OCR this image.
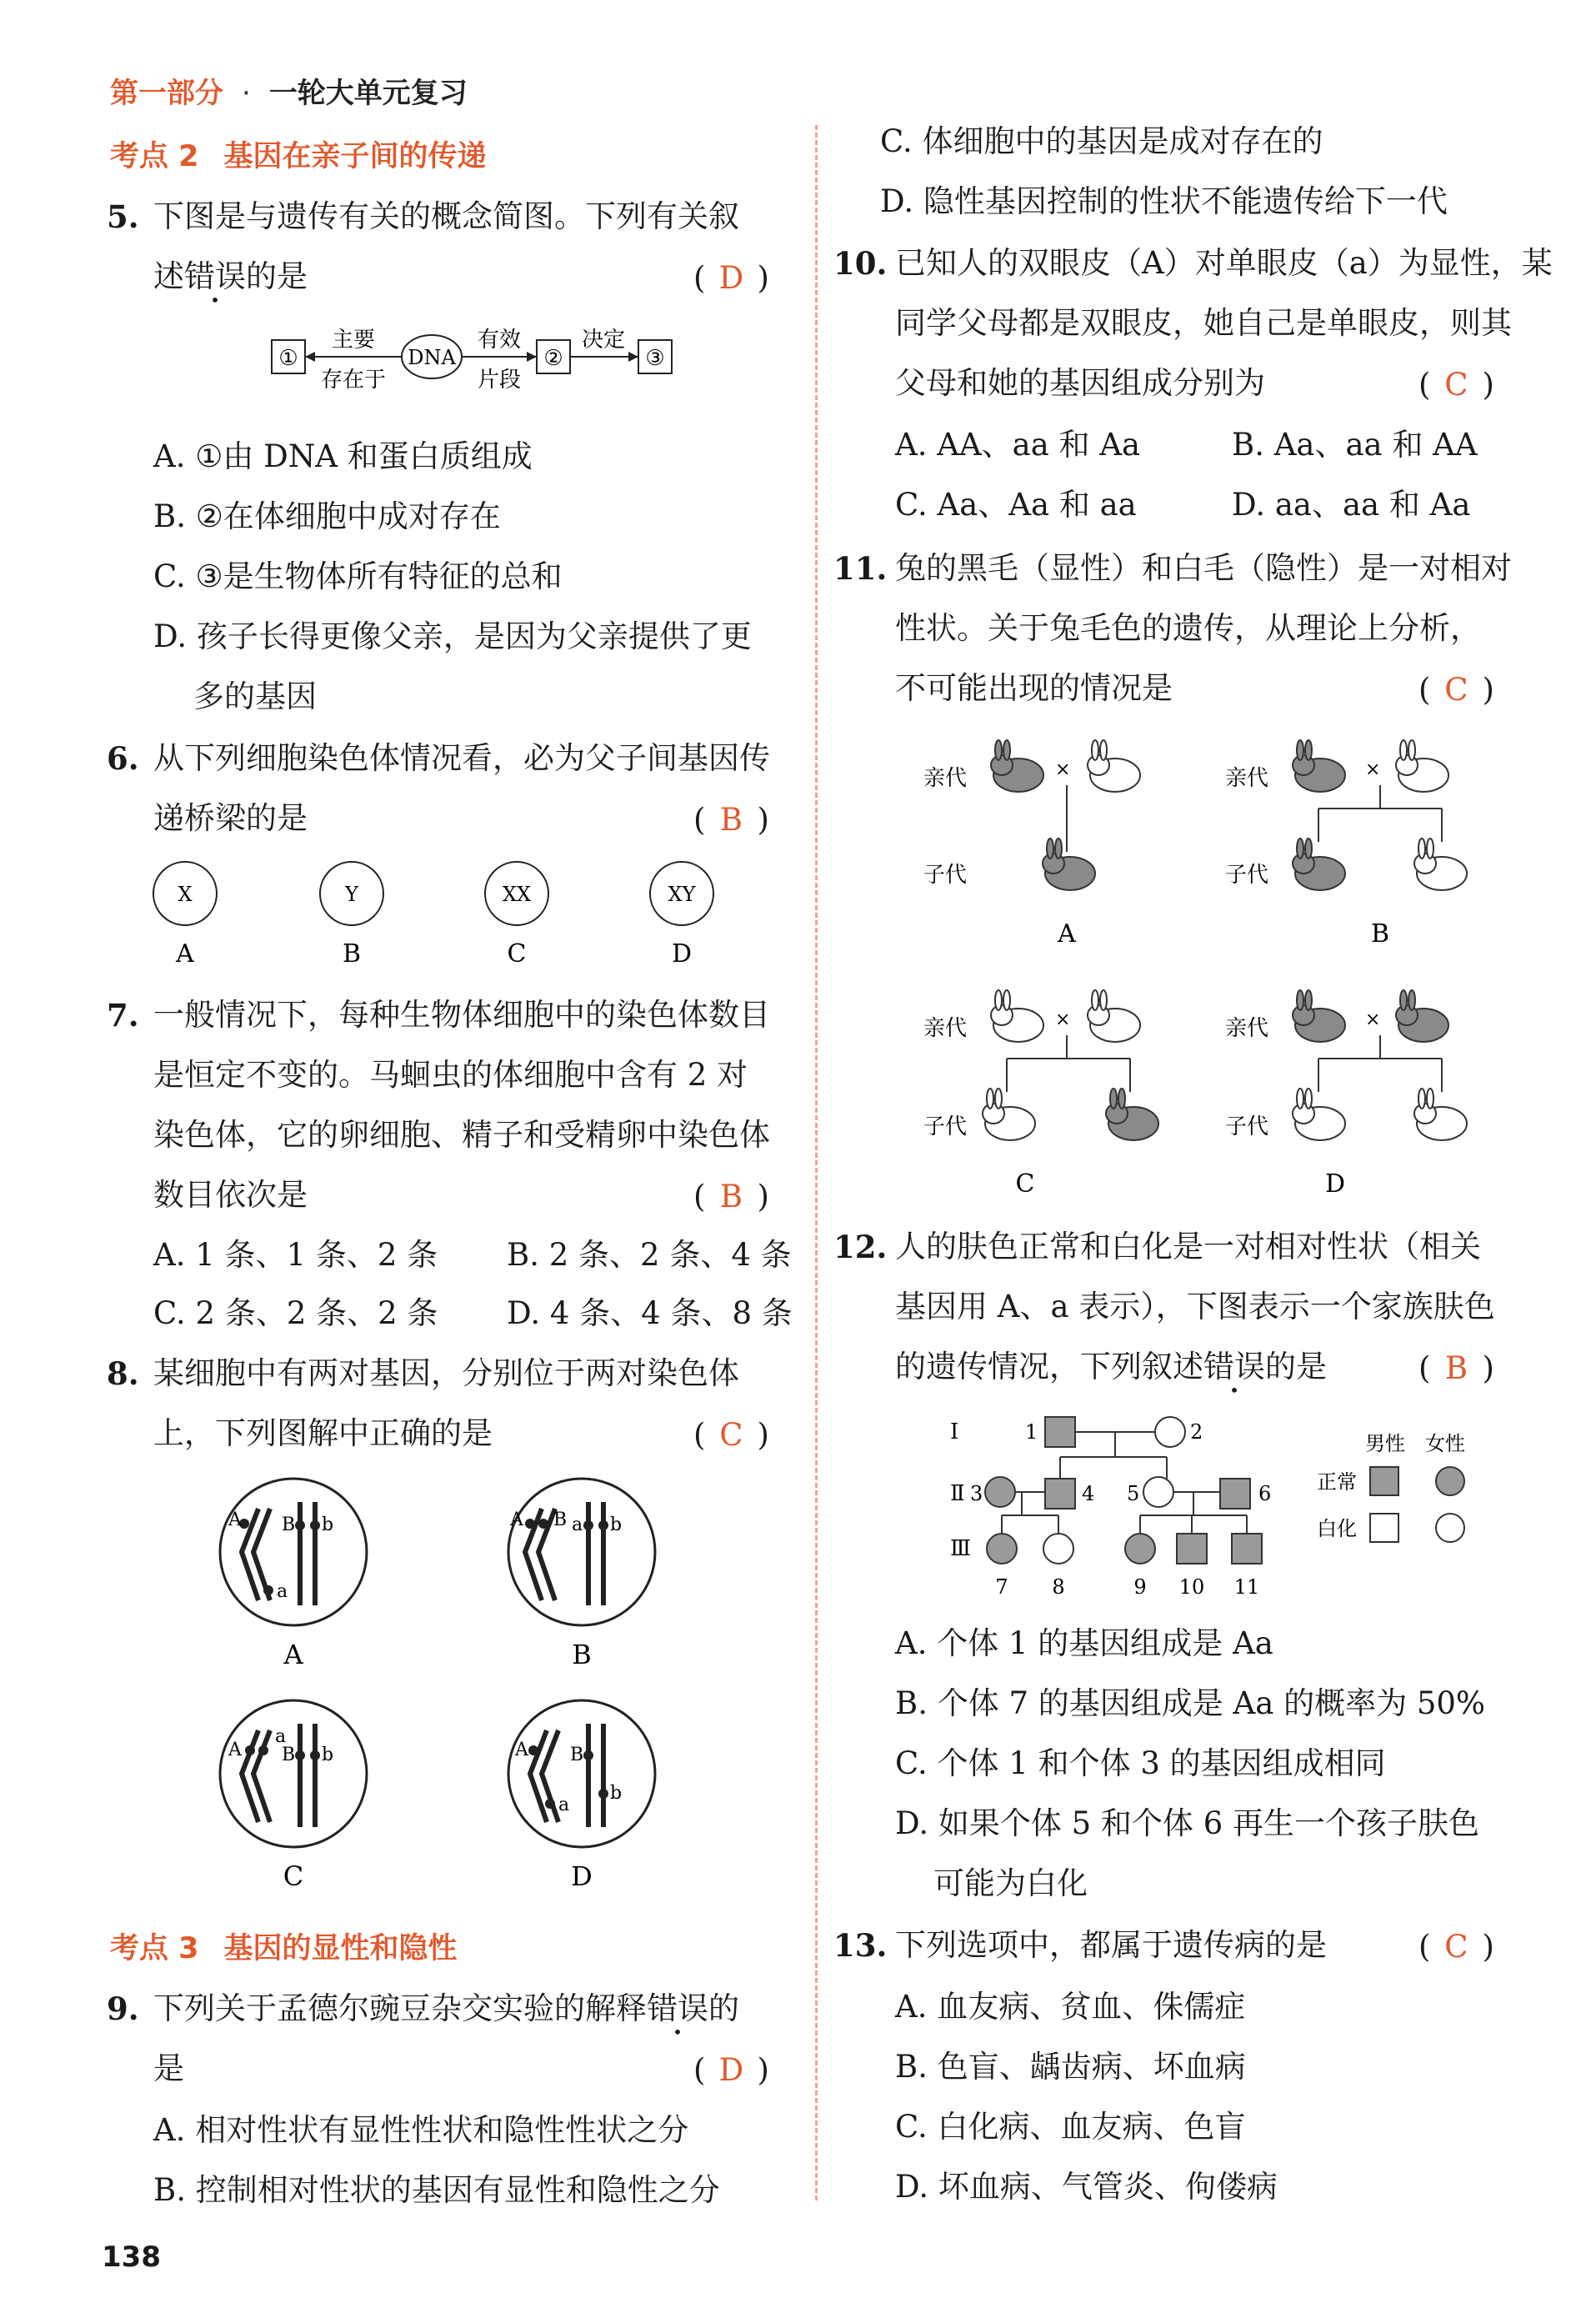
第一部分 · 一轮大单元复习
考点 2 基因在亲子间的传递
5. 下图是与遗传有关的概念简图。下列有关叙
述错误的是	( D )
①
主要
存在于
DNA
有效
片段
②
决定
③
A. ①由 DNA 和蛋白质组成
B. ②在体细胞中成对存在
C. ③是生物体所有特征的总和
D. 孩子长得更像父亲，是因为父亲提供了更
多的基因
6. 从下列细胞染色体情况看，必为父子间基因传
递桥梁的是	( B )
X
A
Y
B
XX
C
XY
D
7. 一般情况下，每种生物体细胞中的染色体数目
是恒定不变的。马蛔虫的体细胞中含有 2 对
染色体，它的卵细胞、精子和受精卵中染色体
数目依次是	( B )
A. 1 条、1 条、2 条 B. 2 条、2 条、4 条
C. 2 条、2 条、2 条 D. 4 条、4 条、8 条
8. 某细胞中有两对基因，分别位于两对染色体
上，下列图解中正确的是	( C )
A
a
B b
A
A B a b
B
A
a
B b
C
A
a
B
b
D
考点 3 基因的显性和隐性
9. 下列关于孟德尔豌豆杂交实验的解释错误的
是	( D )
A. 相对性状有显性性状和隐性性状之分
B. 控制相对性状的基因有显性和隐性之分
138
C. 体细胞中的基因是成对存在的
D. 隐性基因控制的性状不能遗传给下一代
10. 已知人的双眼皮（A）对单眼皮（a）为显性，某
同学父母都是双眼皮，她自己是单眼皮，则其
父母和她的基因组成分别为	( C )
A. AA、aa 和 Aa	B. Aa、aa 和 AA
C. Aa、Aa 和 aa	D. aa、aa 和 Aa
11. 兔的黑毛（显性）和白毛（隐性）是一对相对
性状。关于兔毛色的遗传，从理论上分析，
不可能出现的情况是	( C )
亲代	×
子代
A
亲代	×
子代
B
亲代	×
子代
C
亲代	×
子代
D
12. 人的肤色正常和白化是一对相对性状（相关
基因用 A、a 表示），下图表示一个家族肤色
的遗传情况，下列叙述错误的是	( B )
Ⅰ
Ⅱ
Ⅲ
1	2
3	4 5	6
7 8	9 10 11
男性 女性
正常
白化
A. 个体 1 的基因组成是 Aa
B. 个体 7 的基因组成是 Aa 的概率为 50%
C. 个体 1 和个体 3 的基因组成相同
D. 如果个体 5 和个体 6 再生一个孩子肤色
可能为白化
13. 下列选项中，都属于遗传病的是	( C )
A. 血友病、贫血、侏儒症
B. 色盲、龋齿病、坏血病
C. 白化病、血友病、色盲
D. 坏血病、气管炎、佝偻病
